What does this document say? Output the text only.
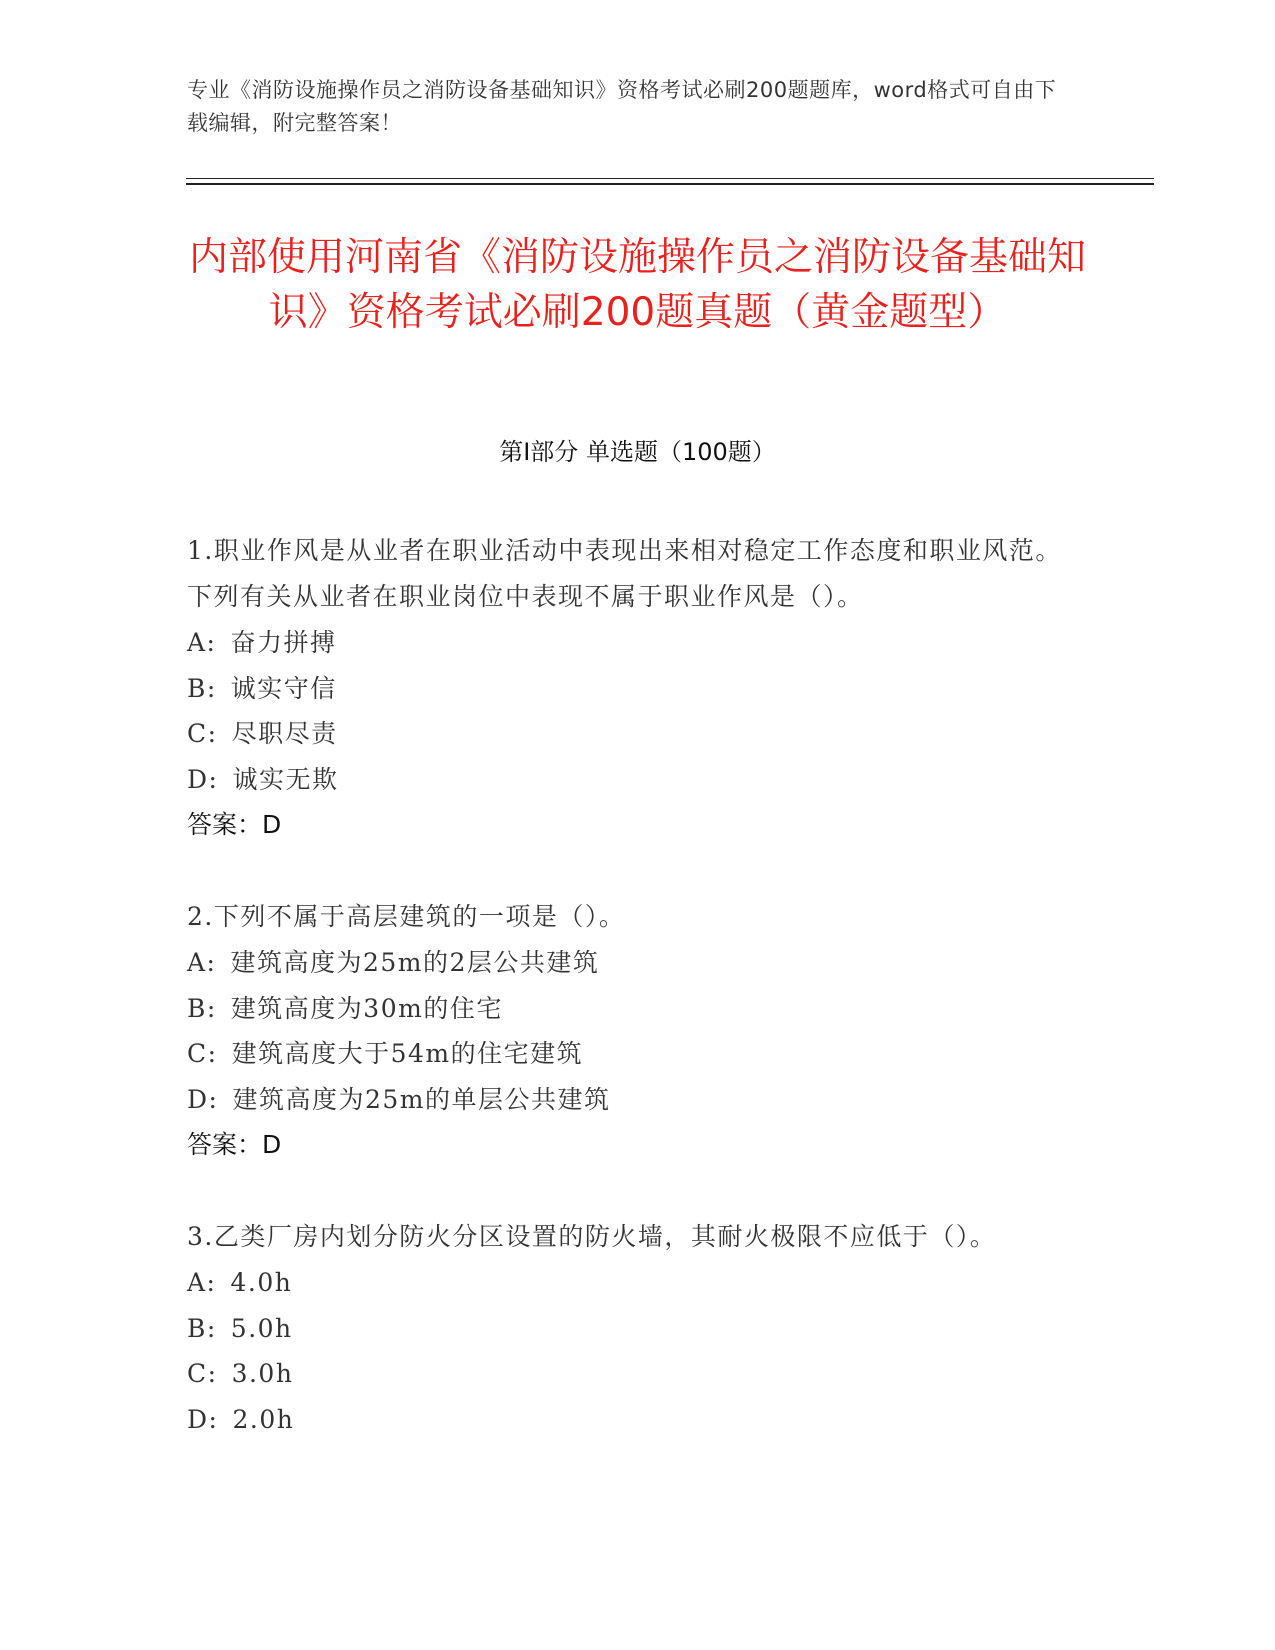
专业《消防设施操作员之消防设备基础知识》资格考试必刷200题题库，word格式可自由下载编辑，附完整答案！
内部使用河南省《消防设施操作员之消防设备基础知识》资格考试必刷200题真题（黄金题型）
第I部分 单选题（100题）
1.职业作风是从业者在职业活动中表现出来相对稳定工作态度和职业风范。下列有关从业者在职业岗位中表现不属于职业作风是（）。
A: 奋力拼搏
B: 诚实守信
C: 尽职尽责
D: 诚实无欺
答案：D
2.下列不属于高层建筑的一项是（）。
A: 建筑高度为25m的2层公共建筑
B: 建筑高度为30m的住宅
C: 建筑高度大于54m的住宅建筑
D: 建筑高度为25m的单层公共建筑
答案：D
3.乙类厂房内划分防火分区设置的防火墙，其耐火极限不应低于（）。
A: 4.0h
B: 5.0h
C: 3.0h
D: 2.0h
